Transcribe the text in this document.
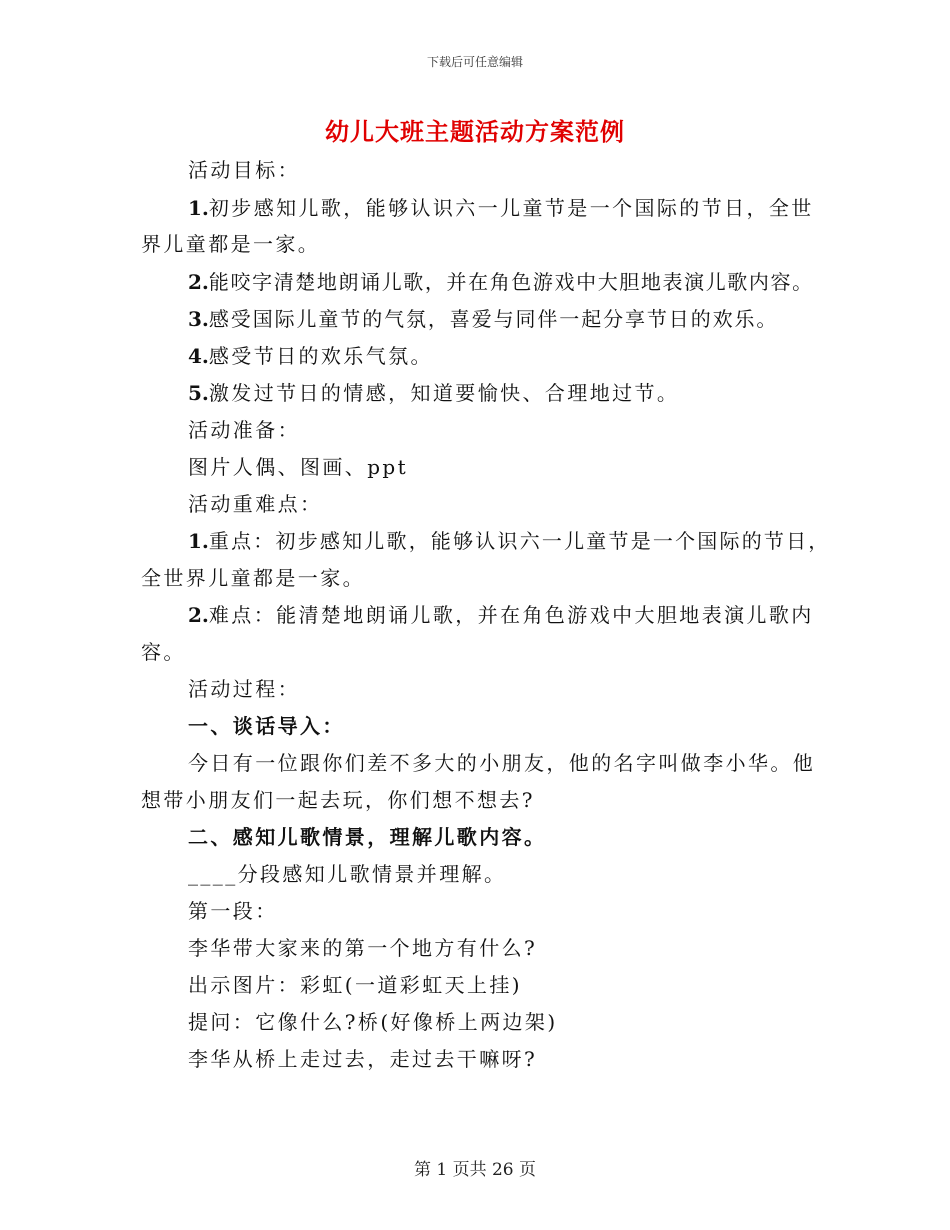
下载后可任意编辑
幼儿大班主题活动方案范例
活动目标：
1.初步感知儿歌，能够认识六一儿童节是一个国际的节日，全世
界儿童都是一家。
2.能咬字清楚地朗诵儿歌，并在角色游戏中大胆地表演儿歌内容。
3.感受国际儿童节的气氛，喜爱与同伴一起分享节日的欢乐。
4.感受节日的欢乐气氛。
5.激发过节日的情感，知道要愉快、合理地过节。
活动准备：
图片人偶、图画、ppt
活动重难点：
1.重点：初步感知儿歌，能够认识六一儿童节是一个国际的节日，
全世界儿童都是一家。
2.难点：能清楚地朗诵儿歌，并在角色游戏中大胆地表演儿歌内
容。
活动过程：
一、谈话导入：
今日有一位跟你们差不多大的小朋友，他的名字叫做李小华。他
想带小朋友们一起去玩，你们想不想去?
二、感知儿歌情景，理解儿歌内容。
____分段感知儿歌情景并理解。
第一段：
李华带大家来的第一个地方有什么?
出示图片：彩虹(一道彩虹天上挂)
提问：它像什么?桥(好像桥上两边架)
李华从桥上走过去，走过去干嘛呀?
第 1 页共 26 页
